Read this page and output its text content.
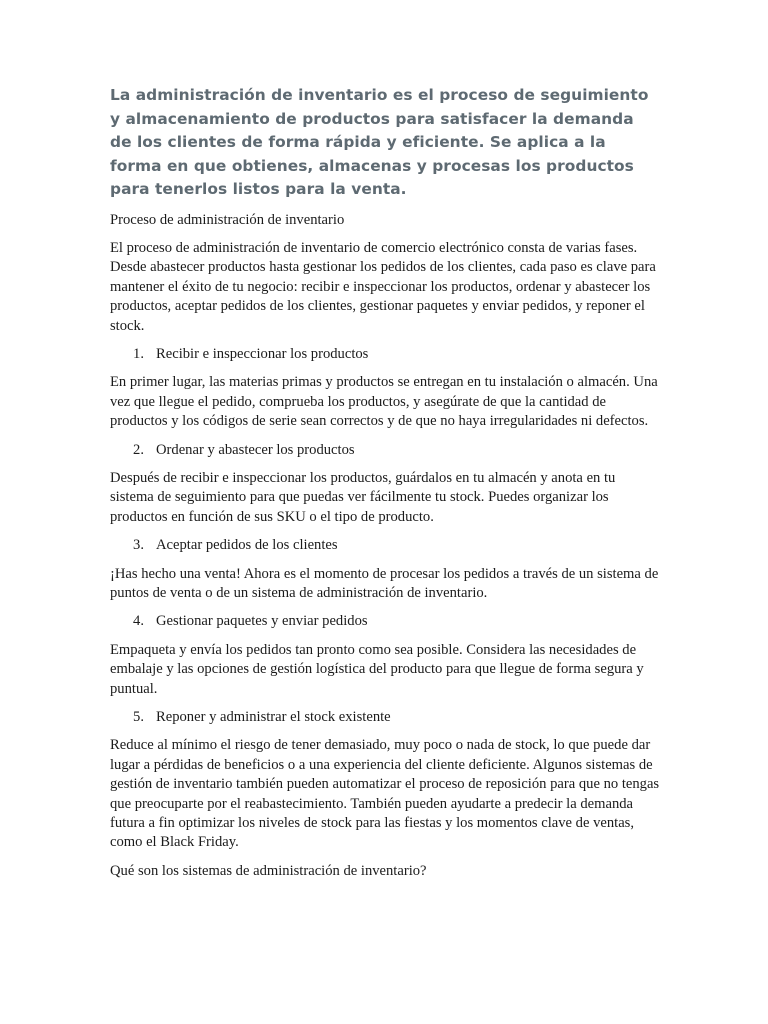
La administración de inventario es el proceso de seguimiento y almacenamiento de productos para satisfacer la demanda de los clientes de forma rápida y eficiente. Se aplica a la forma en que obtienes, almacenas y procesas los productos para tenerlos listos para la venta.

Proceso de administración de inventario

El proceso de administración de inventario de comercio electrónico consta de varias fases. Desde abastecer productos hasta gestionar los pedidos de los clientes, cada paso es clave para mantener el éxito de tu negocio: recibir e inspeccionar los productos, ordenar y abastecer los productos, aceptar pedidos de los clientes, gestionar paquetes y enviar pedidos, y reponer el stock.

1. Recibir e inspeccionar los productos

En primer lugar, las materias primas y productos se entregan en tu instalación o almacén. Una vez que llegue el pedido, comprueba los productos, y asegúrate de que la cantidad de productos y los códigos de serie sean correctos y de que no haya irregularidades ni defectos.

2. Ordenar y abastecer los productos

Después de recibir e inspeccionar los productos, guárdalos en tu almacén y anota en tu sistema de seguimiento para que puedas ver fácilmente tu stock. Puedes organizar los productos en función de sus SKU o el tipo de producto.

3. Aceptar pedidos de los clientes

¡Has hecho una venta! Ahora es el momento de procesar los pedidos a través de un sistema de puntos de venta o de un sistema de administración de inventario.

4. Gestionar paquetes y enviar pedidos

Empaqueta y envía los pedidos tan pronto como sea posible. Considera las necesidades de embalaje y las opciones de gestión logística del producto para que llegue de forma segura y puntual.

5. Reponer y administrar el stock existente

Reduce al mínimo el riesgo de tener demasiado, muy poco o nada de stock, lo que puede dar lugar a pérdidas de beneficios o a una experiencia del cliente deficiente. Algunos sistemas de gestión de inventario también pueden automatizar el proceso de reposición para que no tengas que preocuparte por el reabastecimiento. También pueden ayudarte a predecir la demanda futura a fin optimizar los niveles de stock para las fiestas y los momentos clave de ventas, como el Black Friday.

Qué son los sistemas de administración de inventario?
